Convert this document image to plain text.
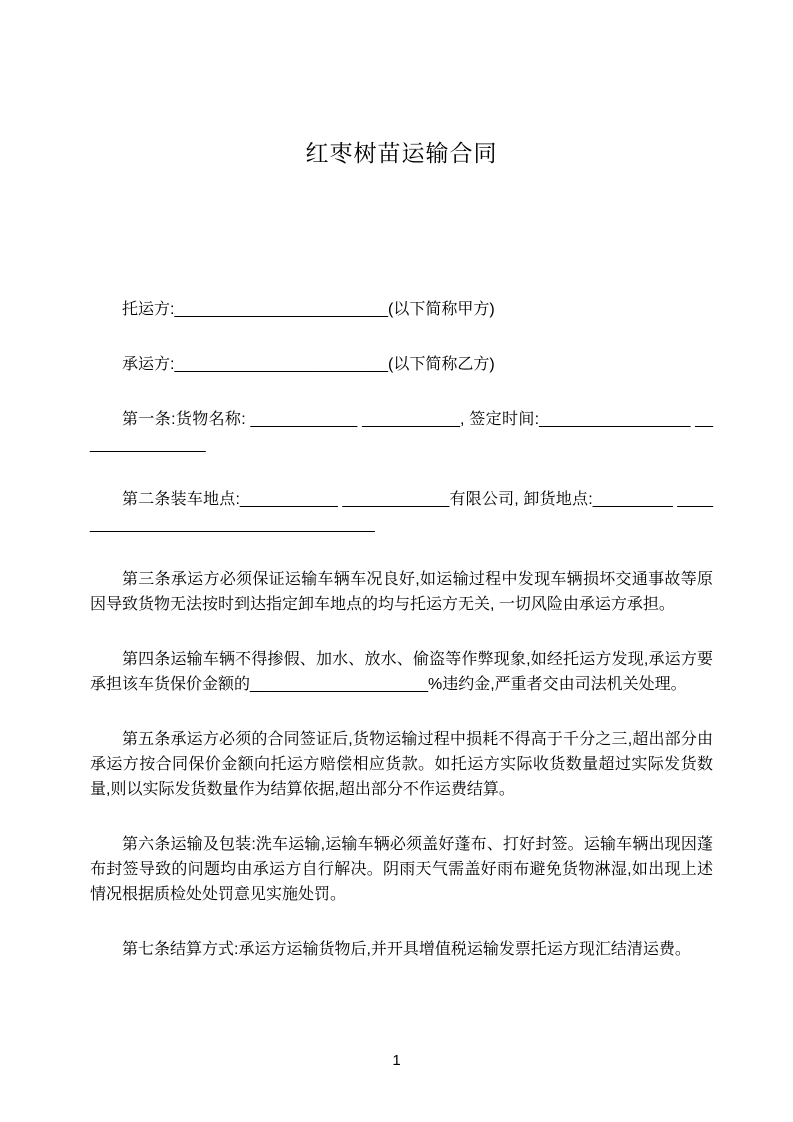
红枣树苗运输合同

托运方:________________________(以下简称甲方)

承运方:________________________(以下简称乙方)

第一条:货物名称: ____________ ___________, 签定时间:_________________ _______________

第二条装车地点:___________ ____________有限公司, 卸货地点:_________ ____________________________________

第三条承运方必须保证运输车辆车况良好,如运输过程中发现车辆损坏交通事故等原因导致货物无法按时到达指定卸车地点的均与托运方无关, 一切风险由承运方承担。

第四条运输车辆不得掺假、加水、放水、偷盗等作弊现象,如经托运方发现,承运方要承担该车货保价金额的____________________%违约金,严重者交由司法机关处理。

第五条承运方必须的合同签证后,货物运输过程中损耗不得高于千分之三,超出部分由承运方按合同保价金额向托运方赔偿相应货款。如托运方实际收货数量超过实际发货数量,则以实际发货数量作为结算依据,超出部分不作运费结算。

第六条运输及包装:洗车运输,运输车辆必须盖好蓬布、打好封签。运输车辆出现因蓬布封签导致的问题均由承运方自行解决。阴雨天气需盖好雨布避免货物淋湿,如出现上述情况根据质检处处罚意见实施处罚。

第七条结算方式:承运方运输货物后,并开具增值税运输发票托运方现汇结清运费。

1
